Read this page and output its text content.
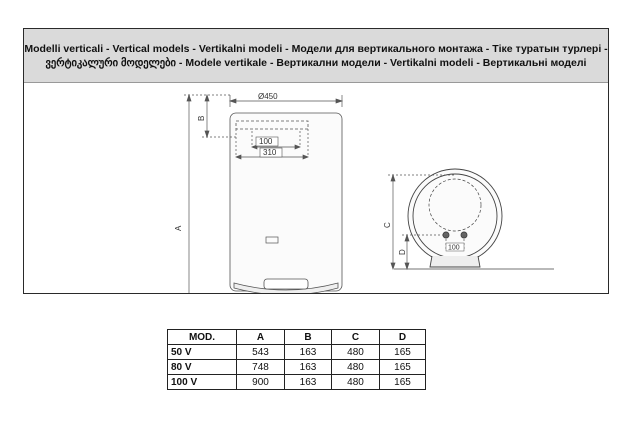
Modelli verticali - Vertical models - Vertikalni modeli - Модели для вертикального монтажа - Тіке туратын турлері -
ვერტიკალური მოდელები - Modele vertikale - Вертикални модели - Vertikalni modeli - Вертикальні моделі
Ø450
A
B
100
310
C
D
100
MOD.	A	B	C	D
50 V	543	163	480	165
80 V	748	163	480	165
100 V	900	163	480	165
